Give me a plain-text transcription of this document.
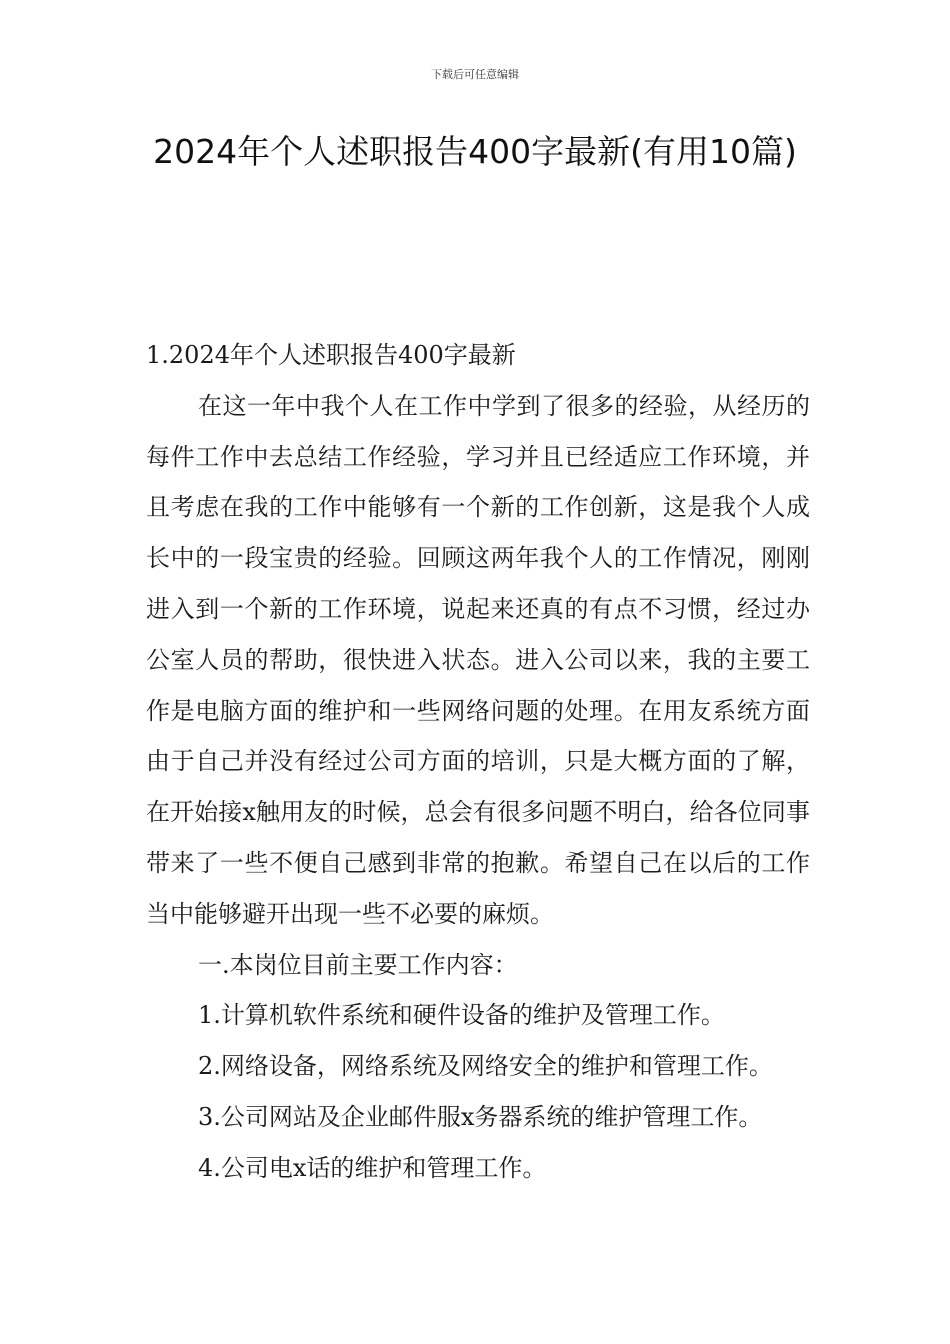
下载后可任意编辑
2024年个人述职报告400字最新(有用10篇)

1.2024年个人述职报告400字最新

在这一年中我个人在工作中学到了很多的经验，从经历的每件工作中去总结工作经验，学习并且已经适应工作环境，并且考虑在我的工作中能够有一个新的工作创新，这是我个人成长中的一段宝贵的经验。回顾这两年我个人的工作情况，刚刚进入到一个新的工作环境，说起来还真的有点不习惯，经过办公室人员的帮助，很快进入状态。进入公司以来，我的主要工作是电脑方面的维护和一些网络问题的处理。在用友系统方面由于自己并没有经过公司方面的培训，只是大概方面的了解，在开始接x触用友的时候，总会有很多问题不明白，给各位同事带来了一些不便自己感到非常的抱歉。希望自己在以后的工作当中能够避开出现一些不必要的麻烦。

一.本岗位目前主要工作内容：

1.计算机软件系统和硬件设备的维护及管理工作。

2.网络设备，网络系统及网络安全的维护和管理工作。

3.公司网站及企业邮件服x务器系统的维护管理工作。

4.公司电x话的维护和管理工作。
